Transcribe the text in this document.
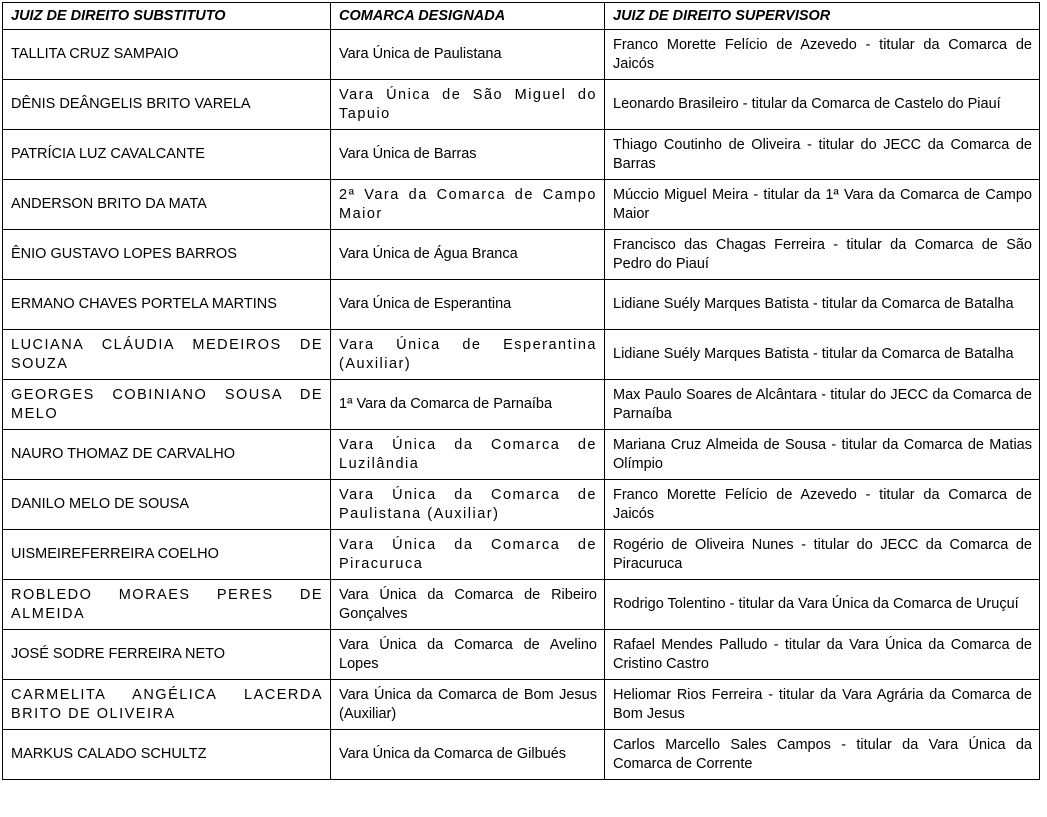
JUIZ DE DIREITO SUBSTITUTO	COMARCA DESIGNADA	JUIZ DE DIREITO SUPERVISOR
TALLITA CRUZ SAMPAIO	Vara Única de Paulistana	Franco Morette Felício de Azevedo - titular da Comarca de Jaicós
DÊNIS DEÂNGELIS BRITO VARELA	Vara Única de São Miguel do Tapuio	Leonardo Brasileiro - titular da Comarca de Castelo do Piauí
PATRÍCIA LUZ CAVALCANTE	Vara Única de Barras	Thiago Coutinho de Oliveira - titular do JECC da Comarca de Barras
ANDERSON BRITO DA MATA	2ª Vara da Comarca de Campo Maior	Múccio Miguel Meira - titular da 1ª Vara da Comarca de Campo Maior
ÊNIO GUSTAVO LOPES BARROS	Vara Única de Água Branca	Francisco das Chagas Ferreira - titular da Comarca de São Pedro do Piauí
ERMANO CHAVES PORTELA MARTINS	Vara Única de Esperantina	Lidiane Suély Marques Batista - titular da Comarca de Batalha
LUCIANA CLÁUDIA MEDEIROS DE SOUZA	Vara Única de Esperantina (Auxiliar)	Lidiane Suély Marques Batista - titular da Comarca de Batalha
GEORGES COBINIANO SOUSA DE MELO	1ª Vara da Comarca de Parnaíba	Max Paulo Soares de Alcântara - titular do JECC da Comarca de Parnaíba
NAURO THOMAZ DE CARVALHO	Vara Única da Comarca de Luzilândia	Mariana Cruz Almeida de Sousa - titular da Comarca de Matias Olímpio
DANILO MELO DE SOUSA	Vara Única da Comarca de Paulistana (Auxiliar)	Franco Morette Felício de Azevedo - titular da Comarca de Jaicós
UISMEIREFERREIRA COELHO	Vara Única da Comarca de Piracuruca	Rogério de Oliveira Nunes - titular do JECC da Comarca de Piracuruca
ROBLEDO MORAES PERES DE ALMEIDA	Vara Única da Comarca de Ribeiro Gonçalves	Rodrigo Tolentino - titular da Vara Única da Comarca de Uruçuí
JOSÉ SODRE FERREIRA NETO	Vara Única da Comarca de Avelino Lopes	Rafael Mendes Palludo - titular da Vara Única da Comarca de Cristino Castro
CARMELITA ANGÉLICA LACERDA BRITO DE OLIVEIRA	Vara Única da Comarca de Bom Jesus (Auxiliar)	Heliomar Rios Ferreira - titular da Vara Agrária da Comarca de Bom Jesus
MARKUS CALADO SCHULTZ	Vara Única da Comarca de Gilbués	Carlos Marcello Sales Campos - titular da Vara Única da Comarca de Corrente
